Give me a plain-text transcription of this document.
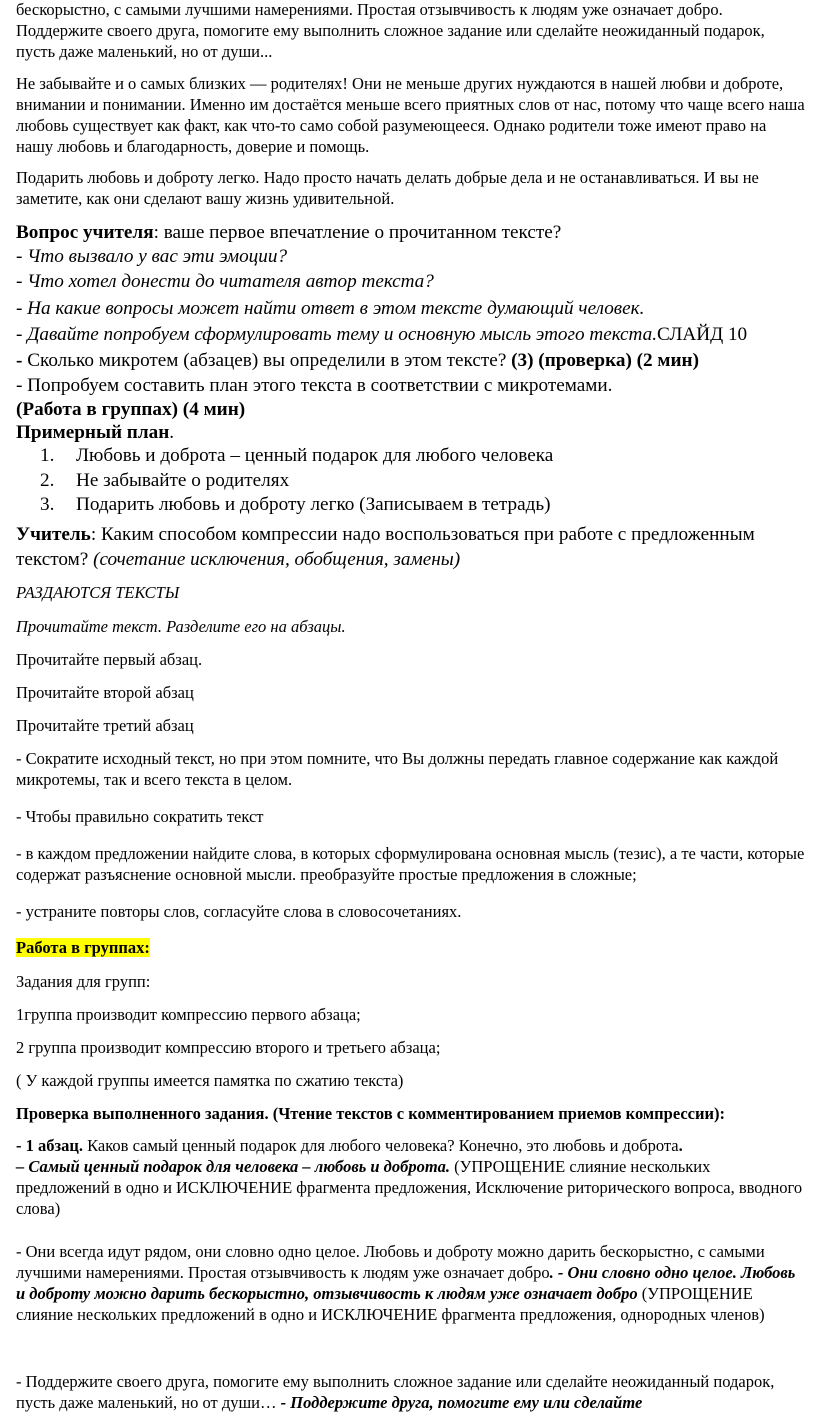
бескорыстно, с самыми лучшими намерениями. Простая отзывчивость к людям уже означает добро. Поддержите своего друга, помогите ему выполнить сложное задание или сделайте неожиданный подарок, пусть даже маленький, но от души...

Не забывайте и о самых близких — родителях! Они не меньше других нуждаются в нашей любви и доброте, внимании и понимании. Именно им достаётся меньше всего приятных слов от нас, потому что чаще всего наша любовь существует как факт, как что-то само собой разумеющееся. Однако родители тоже имеют право на нашу любовь и благодарность, доверие и помощь.

Подарить любовь и доброту легко. Надо просто начать делать добрые дела и не останавливаться. И вы не заметите, как они сделают вашу жизнь удивительной.

Вопрос учителя: ваше первое впечатление о прочитанном тексте?

- Что вызвало у вас эти эмоции?

- Что хотел донести до читателя автор текста?

- На какие вопросы может найти ответ в этом тексте думающий человек.

- Давайте попробуем сформулировать тему и основную мысль этого текста.СЛАЙД 10

- Сколько микротем (абзацев) вы определили в этом тексте? (3) (проверка) (2 мин)

- Попробуем составить план этого текста в соответствии с микротемами.

(Работа в группах) (4 мин)

Примерный план.

1. Любовь и доброта – ценный подарок для любого человека
2. Не забывайте о родителях
3. Подарить любовь и доброту легко (Записываем в тетрадь)

Учитель: Каким способом компрессии надо воспользоваться при работе с предложенным текстом? (сочетание исключения, обобщения, замены)

РАЗДАЮТСЯ ТЕКСТЫ

Прочитайте текст. Разделите его на абзацы.

Прочитайте первый абзац.

Прочитайте второй абзац

Прочитайте третий абзац

- Сократите исходный текст, но при этом помните, что Вы должны передать главное содержание как каждой микротемы, так и всего текста в целом.

- Чтобы правильно сократить текст

- в каждом предложении найдите слова, в которых сформулирована основная мысль (тезис), а те части, которые содержат разъяснение основной мысли. преобразуйте простые предложения в сложные;

- устраните повторы слов, согласуйте слова в словосочетаниях.

Работа в группах:

Задания для групп:

1группа производит компрессию первого абзаца;

2 группа производит компрессию второго и третьего абзаца;

( У каждой группы имеется памятка по сжатию текста)

Проверка выполненного задания. (Чтение текстов с комментированием приемов компрессии):

- 1 абзац. Каков самый ценный подарок для любого человека? Конечно, это любовь и доброта.
– Самый ценный подарок для человека – любовь и доброта. (УПРОЩЕНИЕ слияние нескольких предложений в одно и ИСКЛЮЧЕНИЕ фрагмента предложения, Исключение риторического вопроса, вводного слова)

- Они всегда идут рядом, они словно одно целое. Любовь и доброту можно дарить бескорыстно, с самыми лучшими намерениями. Простая отзывчивость к людям уже означает добро. - Они словно одно целое. Любовь и доброту можно дарить бескорыстно, отзывчивость к людям уже означает добро (УПРОЩЕНИЕ слияние нескольких предложений в одно и ИСКЛЮЧЕНИЕ фрагмента предложения, однородных членов)

- Поддержите своего друга, помогите ему выполнить сложное задание или сделайте неожиданный подарок, пусть даже маленький, но от души… - Поддержите друга, помогите ему или сделайте
